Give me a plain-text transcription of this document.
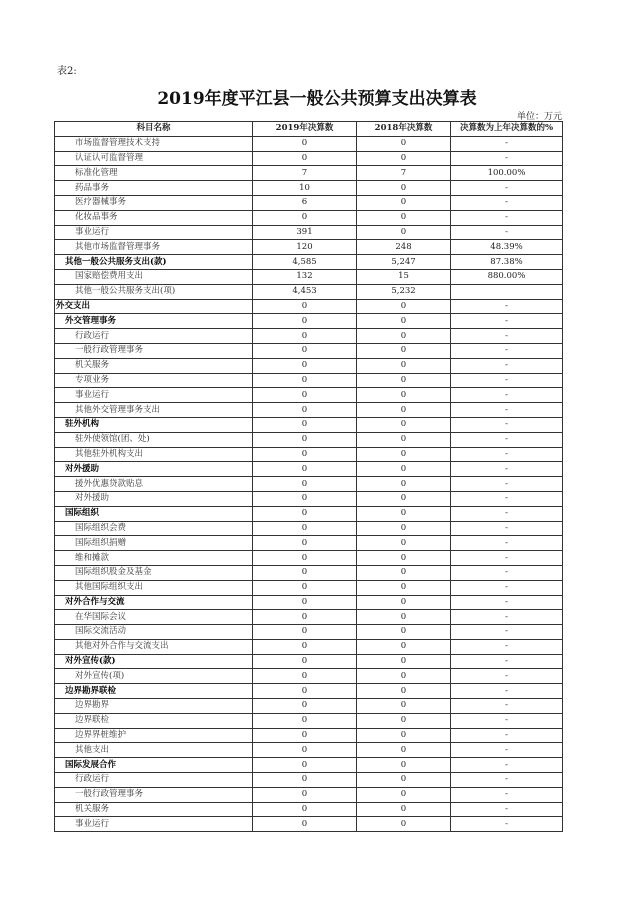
表2:
2019年度平江县一般公共预算支出决算表
单位：万元
科目名称	2019年决算数	2018年决算数	决算数为上年决算数的%
市场监督管理技术支持	0	0	-
认证认可监督管理	0	0	-
标准化管理	7	7	100.00%
药品事务	10	0	-
医疗器械事务	6	0	-
化妆品事务	0	0	-
事业运行	391	0	-
其他市场监督管理事务	120	248	48.39%
其他一般公共服务支出(款)	4,585	5,247	87.38%
国家赔偿费用支出	132	15	880.00%
其他一般公共服务支出(项)	4,453	5,232	
外交支出	0	0	-
外交管理事务	0	0	-
行政运行	0	0	-
一般行政管理事务	0	0	-
机关服务	0	0	-
专项业务	0	0	-
事业运行	0	0	-
其他外交管理事务支出	0	0	-
驻外机构	0	0	-
驻外使领馆(团、处)	0	0	-
其他驻外机构支出	0	0	-
对外援助	0	0	-
援外优惠贷款贴息	0	0	-
对外援助	0	0	-
国际组织	0	0	-
国际组织会费	0	0	-
国际组织捐赠	0	0	-
维和摊款	0	0	-
国际组织股金及基金	0	0	-
其他国际组织支出	0	0	-
对外合作与交流	0	0	-
在华国际会议	0	0	-
国际交流活动	0	0	-
其他对外合作与交流支出	0	0	-
对外宣传(款)	0	0	-
对外宣传(项)	0	0	-
边界勘界联检	0	0	-
边界勘界	0	0	-
边界联检	0	0	-
边界界桩维护	0	0	-
其他支出	0	0	-
国际发展合作	0	0	-
行政运行	0	0	-
一般行政管理事务	0	0	-
机关服务	0	0	-
事业运行	0	0	-
